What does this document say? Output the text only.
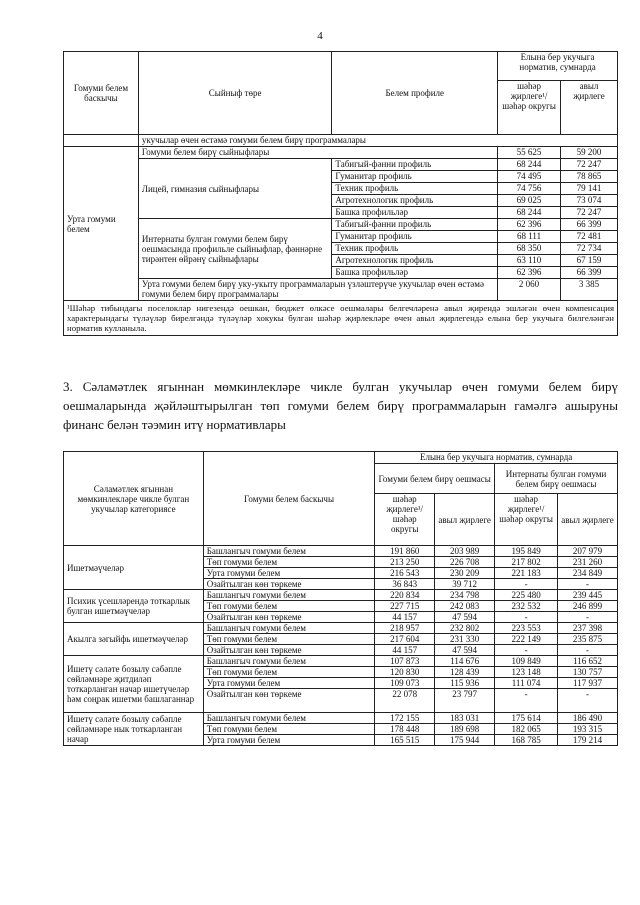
4
Гомуми белем баскычы	Сыйныф төре	Белем профиле	Елына бер укучыга норматив, сумнарда	
			шәһәр җирлеге¹/ шәһәр округы	авыл җирлеге
	укучылар өчен өстәмә гомуми белем бирү программалары			
Урта гомуми белем	Гомуми белем бирү сыйныфлары		55 625	59 200
	Лицей, гимназия сыйныфлары	Табигый-фәнни профиль	68 244	72 247
		Гуманитар профиль	74 495	78 865
		Техник профиль	74 756	79 141
		Агротехнологик профиль	69 025	73 074
		Башка профильләр	68 244	72 247
	Интернаты булган гомуми белем бирү оешмасында профильле сыйныфлар, фәннәрне тирәнтен өйрәнү сыйныфлары	Табигый-фәнни профиль	62 396	66 399
		Гуманитар профиль	68 111	72 481
		Техник профиль	68 350	72 734
		Агротехнологик профиль	63 110	67 159
		Башка профильләр	62 396	66 399
	Урта гомуми белем бирү уку-укыту программаларын үзләштерүче укучылар өчен өстәмә гомуми белем бирү программалары		2 060	3 385
¹Шәһәр тибындагы поселоклар нигезендә оешкан, бюджет өлкәсе оешмалары белгечләренә авыл җирендә эшләгән өчен компенсация характерындагы түләүләр бирелгәндә түләүләр хокукы булган шәһәр җирлекләре өчен авыл җирлегендә елына бер укучыга билгеләнгән норматив кулланыла.				
3. Сәламәтлек ягыннан мөмкинлекләре чикле булган укучылар өчен гомуми белем бирү оешмаларында җәйләштырылган төп гомуми белем бирү программаларын гамәлгә ашыруны финанс белән тәэмин итү нормативлары
Сәламәтлек ягыннан мөмкинлекләре чикле булган укучылар категориясе	Гомуми белем баскычы	Елына бер укучыга норматив, сумнарда			
		Гомуми белем бирү оешмасы		Интернаты булган гомуми белем бирү оешмасы	
		шәһәр җирлеге¹/ шәһәр округы	авыл җирлеге	шәһәр җирлеге¹/ шәһәр округы	авыл җирлеге
Ишетмәүчеләр	Башлангыч гомуми белем	191 860	203 989	195 849	207 979
	Төп гомуми белем	213 250	226 708	217 802	231 260
	Урта гомуми белем	216 543	230 209	221 183	234 849
	Озайтылган көн төркеме	36 843	39 712	-	-
Психик үсешләрендә тоткарлык булган ишетмәүчеләр	Башлангыч гомуми белем	220 834	234 798	225 480	239 445
	Төп гомуми белем	227 715	242 083	232 532	246 899
	Озайтылган көн төркеме	44 157	47 594	-	-
Акылга зәгыйфь ишетмәүчеләр	Башлангыч гомуми белем	218 957	232 802	223 553	237 398
	Төп гомуми белем	217 604	231 330	222 149	235 875
	Озайтылган көн төркеме	44 157	47 594	-	-
Ишетү сәләте бозылу сәбәпле сөйләмнәре җитдиләп тоткарланган начар ишетүчеләр һәм соңрак ишетми башлаганнар	Башлангыч гомуми белем	107 873	114 676	109 849	116 652
	Төп гомуми белем	120 830	128 439	123 148	130 757
	Урта гомуми белем	109 073	115 936	111 074	117 937
	Озайтылган көн төркеме	22 078	23 797	-	-
Ишетү сәләте бозылу сәбәпле сөйләмнәре нык тоткарланган начар	Башлангыч гомуми белем	172 155	183 031	175 614	186 490
	Төп гомуми белем	178 448	189 698	182 065	193 315
	Урта гомуми белем	165 515	175 944	168 785	179 214
